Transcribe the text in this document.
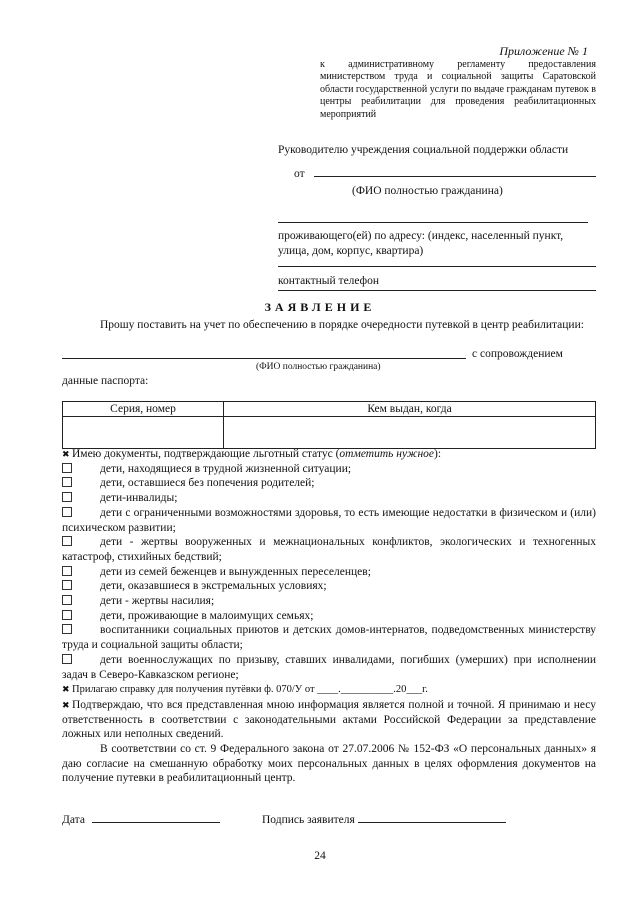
Приложение № 1
к административному регламенту предоставления министерством труда и социальной защиты Саратовской области государственной услуги по выдаче гражданам путевок в центры реабилитации для проведения реабилитационных мероприятий
Руководителю учреждения социальной поддержки области
от
(ФИО полностью гражданина)
проживающего(ей) по адресу: (индекс, населенный пункт, улица, дом, корпус, квартира)
контактный телефон
ЗАЯВЛЕНИЕ
Прошу поставить на учет по обеспечению в порядке очередности путевкой в центр реабилитации:
с сопровождением
(ФИО полностью гражданина)
данные паспорта:
Серия, номер	Кем выдан, когда

✖ Имею документы, подтверждающие льготный статус (отметить нужное):
дети, находящиеся в трудной жизненной ситуации;
дети, оставшиеся без попечения родителей;
дети-инвалиды;
дети с ограниченными возможностями здоровья, то есть имеющие недостатки в физическом и (или) психическом развитии;
дети - жертвы вооруженных и межнациональных конфликтов, экологических и техногенных катастроф, стихийных бедствий;
дети из семей беженцев и вынужденных переселенцев;
дети, оказавшиеся в экстремальных условиях;
дети - жертвы насилия;
дети, проживающие в малоимущих семьях;
воспитанники социальных приютов и детских домов-интернатов, подведомственных министерству труда и социальной защиты области;
дети военнослужащих по призыву, ставших инвалидами, погибших (умерших) при исполнении задач в Северо-Кавказском регионе;
✖ Прилагаю справку для получения путёвки ф. 070/У от ____.__________.20___г.
✖ Подтверждаю, что вся представленная мною информация является полной и точной. Я принимаю и несу ответственность в соответствии с законодательными актами Российской Федерации за представление ложных или неполных сведений.
В соответствии со ст. 9 Федерального закона от 27.07.2006 № 152-ФЗ «О персональных данных» я даю согласие на смешанную обработку моих персональных данных в целях оформления документов на получение путевки в реабилитационный центр.
Дата	Подпись заявителя
24
